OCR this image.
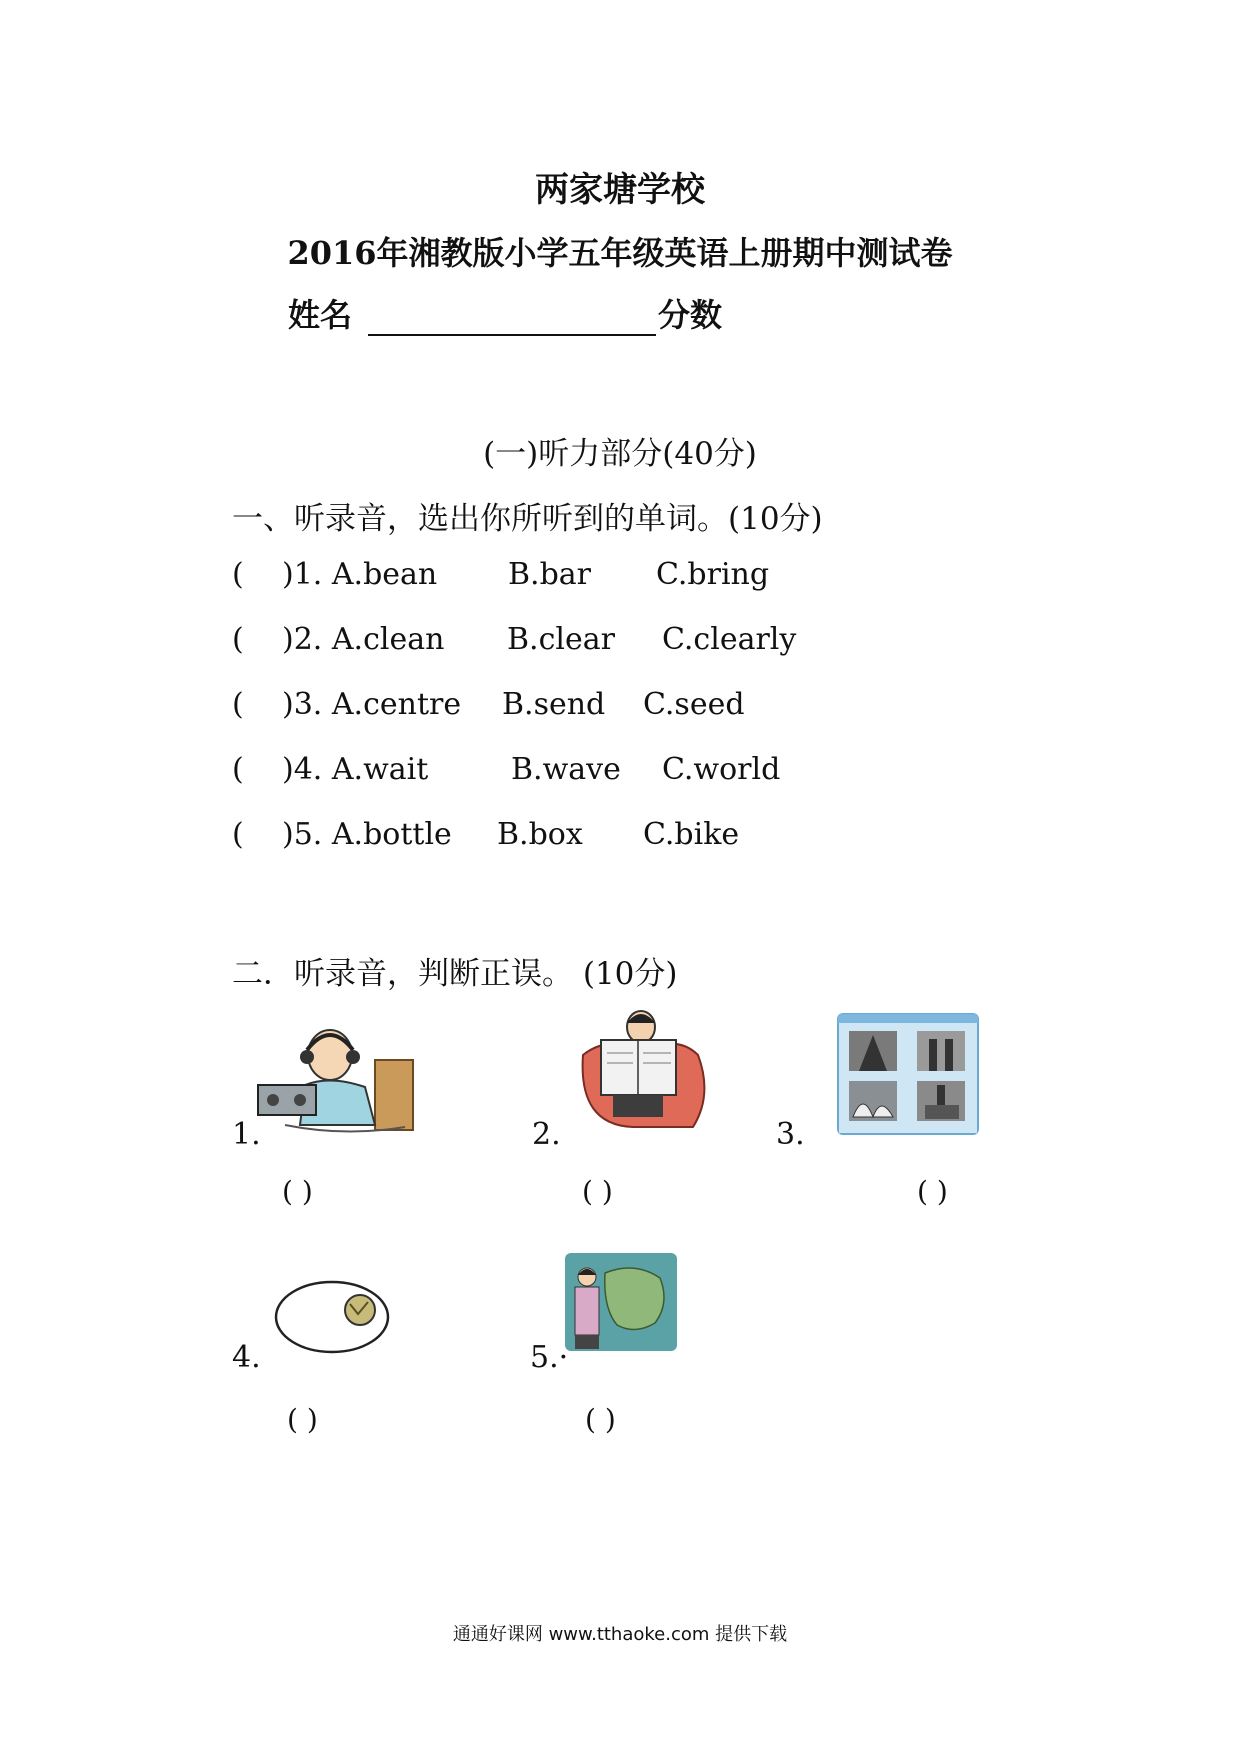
两家塘学校
2016年湘教版小学五年级英语上册期中测试卷
姓名	分数
(一)听力部分(40分)
一、听录音，选出你所听到的单词。(10分)
( )1. A.bean B.bar C.bring
( )2. A.clean B.clear C.clearly
( )3. A.centre B.send C.seed
( )4. A.wait	B.wave C.world
( )5. A.bottle B.box C.bike
二．听录音，判断正误。 (10分)
1.
( )
2.
( )
3.
( )
4.
( )
5.·
( )
通通好课网 www.tthaoke.com 提供下载
